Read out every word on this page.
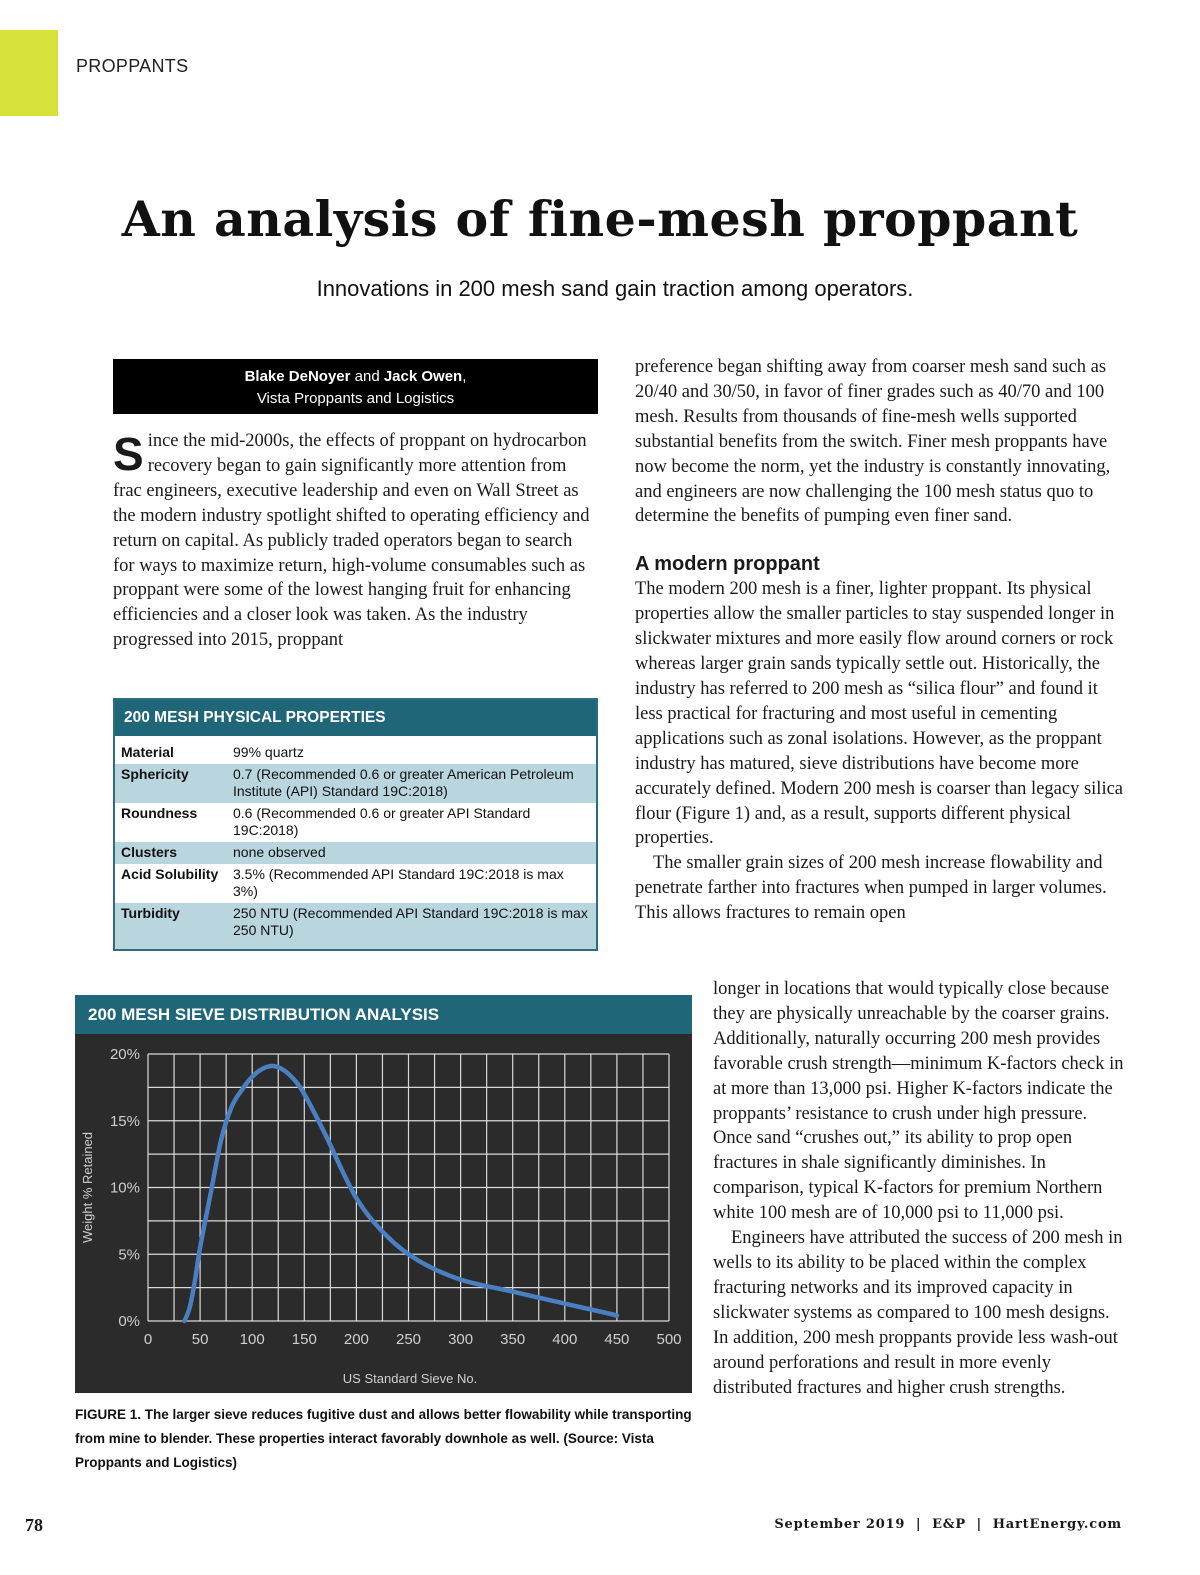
PROPPANTS
An analysis of fine-mesh proppant

Innovations in 200 mesh sand gain traction among operators.

Blake DeNoyer and Jack Owen,
Vista Proppants and Logistics

Since the mid-2000s, the effects of proppant on hydrocarbon recovery began to gain significantly more attention from frac engineers, executive leadership and even on Wall Street as the modern industry spotlight shifted to operating efficiency and return on capital. As publicly traded operators began to search for ways to maximize return, high-volume consumables such as proppant were some of the lowest hanging fruit for enhancing efficiencies and a closer look was taken. As the industry progressed into 2015, proppant

200 MESH PHYSICAL PROPERTIES
Material	99% quartz
Sphericity	0.7 (Recommended 0.6 or greater American Petroleum Institute (API) Standard 19C:2018)
Roundness	0.6 (Recommended 0.6 or greater API Standard 19C:2018)
Clusters	none observed
Acid Solubility	3.5% (Recommended API Standard 19C:2018 is max 3%)
Turbidity	250 NTU (Recommended API Standard 19C:2018 is max 250 NTU)
200 MESH SIEVE DISTRIBUTION ANALYSIS
0	50 100 150 200 250 300 350 400 450 500
0%
5%
10%
15%
20%
US Standard Sieve No.
Weight % Retained
FIGURE 1. The larger sieve reduces fugitive dust and allows better flowability while transporting from mine to blender. These properties interact favorably downhole as well. (Source: Vista Proppants and Logistics)

preference began shifting away from coarser mesh sand such as 20/40 and 30/50, in favor of finer grades such as 40/70 and 100 mesh. Results from thousands of fine-mesh wells supported substantial benefits from the switch. Finer mesh proppants have now become the norm, yet the industry is constantly innovating, and engineers are now challenging the 100 mesh status quo to determine the benefits of pumping even finer sand.

A modern proppant

The modern 200 mesh is a finer, lighter proppant. Its physical properties allow the smaller particles to stay suspended longer in slickwater mixtures and more easily flow around corners or rock whereas larger grain sands typically settle out. Historically, the industry has referred to 200 mesh as “silica flour” and found it less practical for fracturing and most useful in cementing applications such as zonal isolations. However, as the proppant industry has matured, sieve distributions have become more accurately defined. Modern 200 mesh is coarser than legacy silica flour (Figure 1) and, as a result, supports different physical properties.

The smaller grain sizes of 200 mesh increase flowability and penetrate farther into fractures when pumped in larger volumes. This allows fractures to remain open

longer in locations that would typically close because they are physically unreachable by the coarser grains. Additionally, naturally occurring 200 mesh provides favorable crush strength—minimum K-factors check in at more than 13,000 psi. Higher K-factors indicate the proppants’ resistance to crush under high pressure. Once sand “crushes out,” its ability to prop open fractures in shale significantly diminishes. In comparison, typical K-factors for premium Northern white 100 mesh are of 10,000 psi to 11,000 psi.

Engineers have attributed the success of 200 mesh in wells to its ability to be placed within the complex fracturing networks and its improved capacity in slickwater systems as compared to 100 mesh designs. In addition, 200 mesh proppants provide less wash-out around perforations and result in more evenly distributed fractures and higher crush strengths.

78	September 2019  |  E&P  |  HartEnergy.com
